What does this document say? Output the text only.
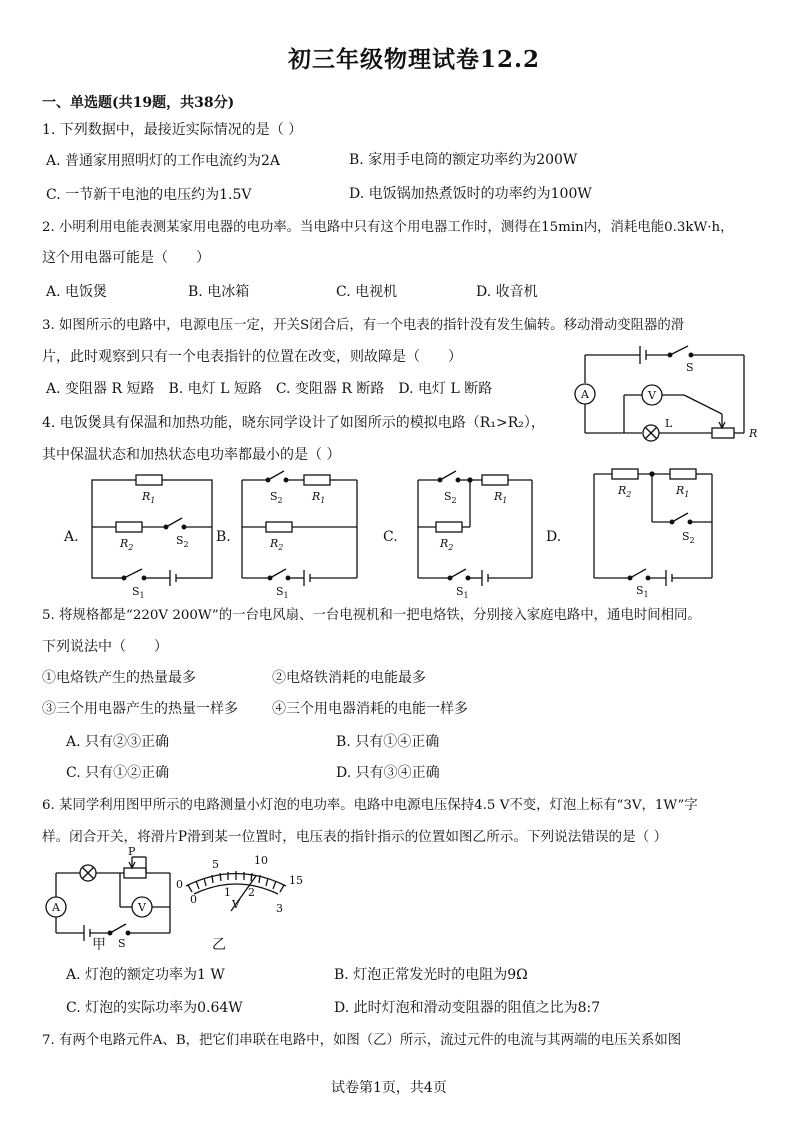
初三年级物理试卷12.2
一、单选题(共19题，共38分)
1. 下列数据中，最接近实际情况的是（ ）
A. 普通家用照明灯的工作电流约为2A	B. 家用手电筒的额定功率约为200W
C. 一节新干电池的电压约为1.5V	D. 电饭锅加热煮饭时的功率约为100W
2. 小明利用电能表测某家用电器的电功率。当电路中只有这个用电器工作时，测得在15min内，消耗电能0.3kW·h，
这个用电器可能是（　　）
A. 电饭煲	B. 电冰箱	C. 电视机	D. 收音机
3. 如图所示的电路中，电源电压一定，开关S闭合后，有一个电表的指针没有发生偏转。移动滑动变阻器的滑
片，此时观察到只有一个电表指针的位置在改变，则故障是（　　）
A. 变阻器 R 短路　B. 电灯 L 短路　C. 变阻器 R 断路　D. 电灯 L 断路
S
A
L
R
V
4. 电饭煲具有保温和加热功能，晓东同学设计了如图所示的模拟电路（R₁>R₂），
其中保温状态和加热状态电功率都最小的是（ ）
$R_1$
$R_2$
$S_2$
$S_1$
A.	B.
$S_2$	$R_1$
$R_2$
$S_1$
C.
$S_2$	$R_1$
$R_2$
$S_1$
D.
$R_2$	$R_1$
$S_2$
$S_1$
5. 将规格都是“220V 200W”的一台电风扇、一台电视机和一把电烙铁，分别接入家庭电路中，通电时间相同。
下列说法中（　　）
①电烙铁产生的热量最多	②电烙铁消耗的电能最多
③三个用电器产生的热量一样多 ④三个用电器消耗的电能一样多
A. 只有②③正确	B. 只有①④正确
C. 只有①②正确	D. 只有③④正确
6. 某同学利用图甲所示的电路测量小灯泡的电功率。电路中电源电压保持4.5 V不变，灯泡上标有“3V，1W”字
样。闭合开关，将滑片P滑到某一位置时，电压表的指针指示的位置如图乙所示。下列说法错误的是（ ）
P
A	V
S
甲
0
5	10
15
0
1 2
3
V
乙
A. 灯泡的额定功率为1 W	B. 灯泡正常发光时的电阻为9Ω
C. 灯泡的实际功率为0.64W	D. 此时灯泡和滑动变阻器的阻值之比为8:7
7. 有两个电路元件A、B，把它们串联在电路中，如图（乙）所示，流过元件的电流与其两端的电压关系如图
试卷第1页，共4页
